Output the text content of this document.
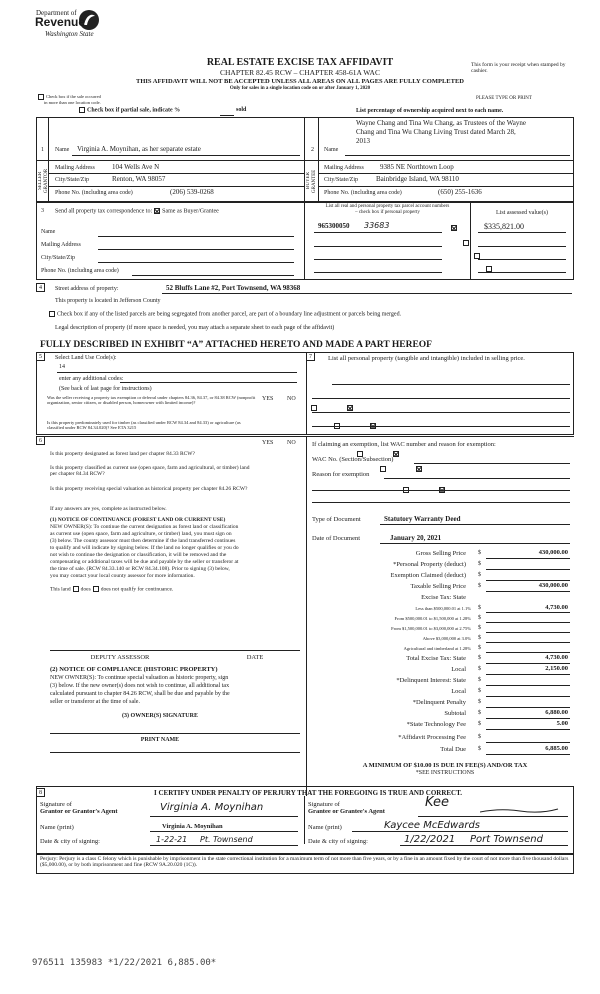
Department of
Revenue
Washington State
REAL ESTATE EXCISE TAX AFFIDAVIT
CHAPTER 82.45 RCW – CHAPTER 458-61A WAC
THIS AFFIDAVIT WILL NOT BE ACCEPTED UNLESS ALL AREAS ON ALL PAGES ARE FULLY COMPLETED
Only for sales in a single location code on or after January 1, 2020
This form is your receipt when stamped by cashier.
PLEASE TYPE OR PRINT
Check box if the sale occurred
in more than one location code.
Check box if partial sale, indicate %	sold	List percentage of ownership acquired next to each name.
1 Name Virginia A. Moynihan, as her separate estate
SELLER GRANTOR
Mailing Address 104 Wells Ave N
City/State/Zip	Renton, WA 98057
Phone No. (including area code)	(206) 539-0268
2 Name
Wayne Chang and Tina Wu Chang, as Trustees of the Wayne
Chang and Tina Wu Chang Living Trust dated March 28,
2013
BUYER GRANTEE
Mailing Address 9385 NE Northtown Loop
City/State/Zip	Bainbridge Island, WA 98110
Phone No. (including area code)	(650) 255-1636
3 Send all property tax correspondence to: Same as Buyer/Grantee
Name
Mailing Address
City/State/Zip
Phone No. (including area code)
List all real and personal property tax parcel account numbers
– check box if personal property	List assessed value(s)
965300050 33683
	$335,821.00

4	Street address of property:	52 Bluffs Lane #2, Port Townsend, WA 98368
This property is located in Jefferson County
Check box if any of the listed parcels are being segregated from another parcel, are part of a boundary line adjustment or parcels being merged.
Legal description of property (if more space is needed, you may attach a separate sheet to each page of the affidavit)
FULLY DESCRIBED IN EXHIBIT “A” ATTACHED HERETO AND MADE A PART HEREOF
5	Select Land Use Code(s):
14
enter any additional codes:
(See back of last page for instructions)
YES NO
Was the seller receiving a property tax exemption or deferral under chapters 84.36, 84.37, or 84.38 RCW (nonprofit organization, senior citizen, or disabled person, homeowner with limited income)?

Is this property predominately used for timber (as classified under RCW 84.34 and 84.33) or agriculture (as classified under RCW 84.34.020)? See ETA 3215

7	List all personal property (tangible and intangible) included in selling price.
6	YES NO
Is this property designated as forest land per chapter 84.33 RCW?

Is this property classified as current use (open space, farm and agricultural, or timber) land per chapter 84.34 RCW?

Is this property receiving special valuation as historical property per chapter 84.26 RCW?

If any answers are yes, complete as instructed below.
(1) NOTICE OF CONTINUANCE (FOREST LAND OR CURRENT USE)
NEW OWNER(S): To continue the current designation as forest land or classification
as current use (open space, farm and agriculture, or timber) land, you must sign on
(3) below. The county assessor must then determine if the land transferred continues
to qualify and will indicate by signing below. If the land no longer qualifies or you do
not wish to continue the designation or classification, it will be removed and the
compensating or additional taxes will be due and payable by the seller or transferor at
the time of sale. (RCW 84.33.140 or RCW 84.34.108). Prior to signing (3) below,
you may contact your local county assessor for more information.
This land does does not qualify for continuance.
DEPUTY ASSESSOR	DATE
(2) NOTICE OF COMPLIANCE (HISTORIC PROPERTY)
NEW OWNER(S): To continue special valuation as historic property, sign
(3) below. If the new owner(s) does not wish to continue, all additional tax
calculated pursuant to chapter 84.26 RCW, shall be due and payable by the
seller or transferor at the time of sale.
(3) OWNER(S) SIGNATURE
PRINT NAME
If claiming an exemption, list WAC number and reason for exemption:
WAC No. (Section/Subsection)
Reason for exemption
Type of Document	Statutory Warranty Deed
Date of Document	January 20, 2021
Gross Selling Price $	430,000.00
*Personal Property (deduct) $
Exemption Claimed (deduct) $
Taxable Selling Price $	430,000.00
Excise Tax: State
Less than $500,000.01 at 1.1% $	4,730.00
From $500,000.01 to $1,500,000 at 1.28% $
From $1,500,000.01 to $3,000,000 at 2.75% $
Above $3,000,000 at 3.0% $
Agricultural and timberland at 1.28% $
Total Excise Tax: State $	4,730.00
Local $	2,150.00
*Delinquent Interest: State $
Local $
*Delinquent Penalty $
Subtotal $	6,880.00
*State Technology Fee $	5.00
*Affidavit Processing Fee $
Total Due $	6,885.00
A MINIMUM OF $10.00 IS DUE IN FEE(S) AND/OR TAX
*SEE INSTRUCTIONS
8	I CERTIFY UNDER PENALTY OF PERJURY THAT THE FOREGOING IS TRUE AND CORRECT.
Signature of
Grantor or Grantor's Agent	Virginia A. Moynihan
Name (print)	Virginia A. Moynihan
Date & city of signing:	1-22-21 Pt. Townsend
Signature of
Grantee or Grantee's Agent
Kee
Name (print)	Kaycee McEdwards
Date & city of signing:	1/22/2021 Port Townsend
Perjury: Perjury is a class C felony which is punishable by imprisonment in the state correctional institution for a maximum term of not more than five years, or by a fine in an amount fixed by the court of not more than five thousand dollars ($5,000.00), or by both imprisonment and fine (RCW 9A.20.020 (1C)).
976511 135983 *1/22/2021 6,885.00*
